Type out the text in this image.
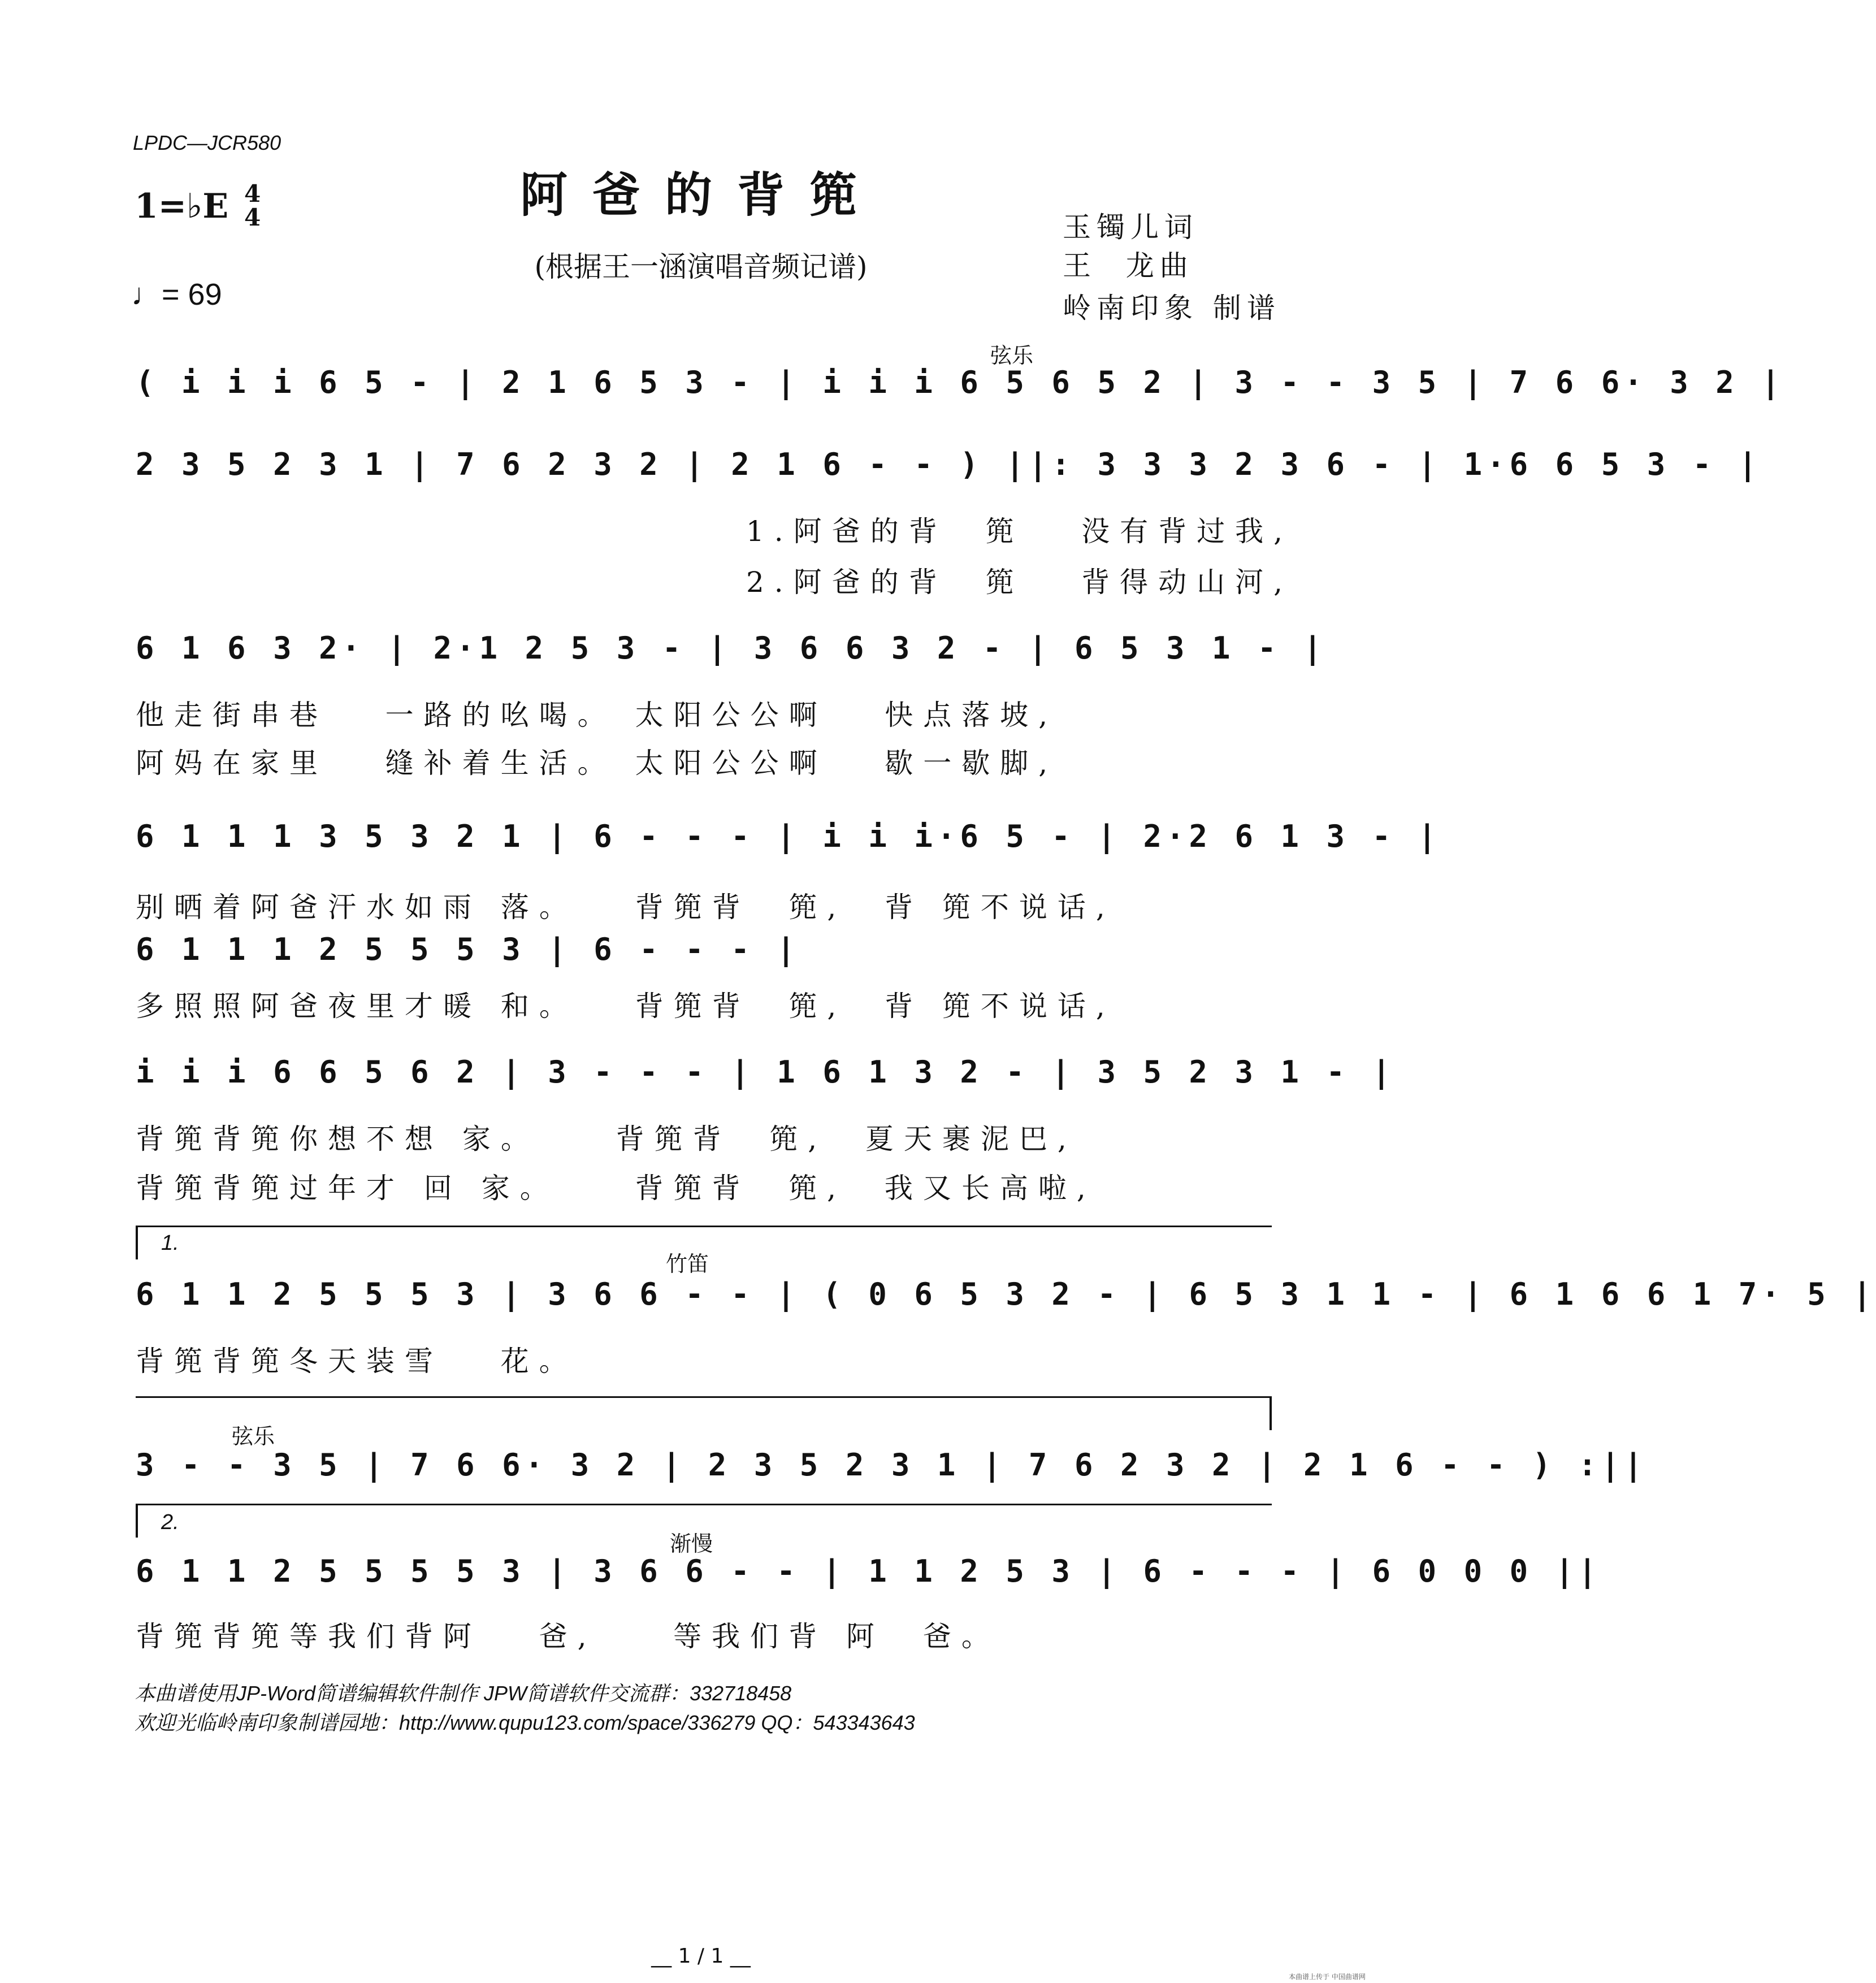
LPDC—JCR580
阿爸的背篼
(根据王一涵演唱音频记谱)
1=♭E 4
4
♩= 69
玉镯儿词
王  龙曲
岭南印象 制谱
弦乐
( i i i 6 5 - | 2 1 6 5 3 - | i i i 6 5 6 5 2 | 3 - - 3 5 | 7 6 6· 3 2 |
2 3 5 2 3 1 | 7 6 2 3 2 | 2 1 6 - - ) ||: 3 3 3 2 3 6 - | 1·6 6 5 3 - |
1.阿爸的背  篼   没有背过我,
2.阿爸的背  篼   背得动山河,
6 1 6 3 2· | 2·1 2 5 3 - | 3 6 6 3 2 - | 6 5 3 1 - |
他走街串巷   一路的吆喝。 太阳公公啊   快点落坡,
阿妈在家里   缝补着生活。 太阳公公啊   歇一歇脚,
6 1 1 1 3 5 3 2 1 | 6 - - - | i i i·6 5 - | 2·2 6 1 3 - |
别晒着阿爸汗水如雨 落。   背篼背  篼,  背 篼不说话,
6 1 1 1 2 5 5 5 3 | 6 - - - |
多照照阿爸夜里才暖 和。   背篼背  篼,  背 篼不说话,
i i i 6 6 5 6 2 | 3 - - - | 1 6 1 3 2 - | 3 5 2 3 1 - |
背篼背篼你想不想 家。    背篼背  篼,  夏天裹泥巴,
背篼背篼过年才 回 家。    背篼背  篼,  我又长高啦,
1.
竹笛
6 1 1 2 5 5 5 3 | 3 6 6 - - | ( 0 6 5 3 2 - | 6 5 3 1 1 - | 6 1 6 6 1 7· 5 |
背篼背篼冬天装雪   花。
弦乐
3 - - 3 5 | 7 6 6· 3 2 | 2 3 5 2 3 1 | 7 6 2 3 2 | 2 1 6 - - ) :||
2.
渐慢
6 1 1 2 5 5 5 5 3 | 3 6 6 - - | 1 1 2 5 3 | 6 - - - | 6 0 0 0 ||
背篼背篼等我们背阿   爸,    等我们背 阿  爸。
本曲谱使用JP-Word简谱编辑软件制作 JPW简谱软件交流群：332718458
欢迎光临岭南印象制谱园地：http://www.qupu123.com/space/336279 QQ：543343643
__ 1 / 1 __
本曲谱上传于 中国曲谱网
